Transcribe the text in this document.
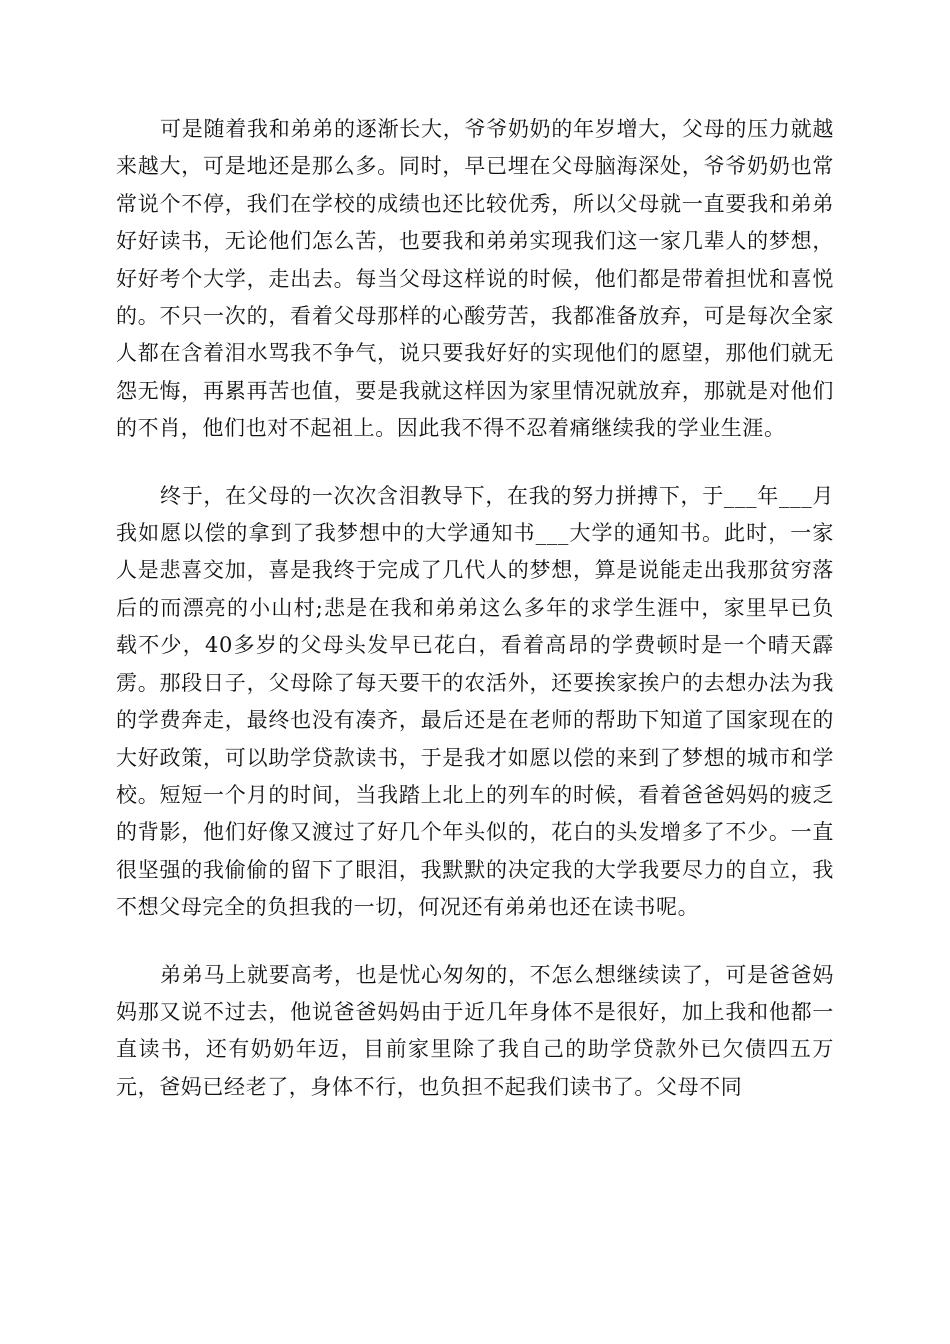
可是随着我和弟弟的逐渐长大，爷爷奶奶的年岁增大，父母的压力就越来越大，可是地还是那么多。同时，早已埋在父母脑海深处，爷爷奶奶也常常说个不停，我们在学校的成绩也还比较优秀，所以父母就一直要我和弟弟好好读书，无论他们怎么苦，也要我和弟弟实现我们这一家几辈人的梦想，好好考个大学，走出去。每当父母这样说的时候，他们都是带着担忧和喜悦的。不只一次的，看着父母那样的心酸劳苦，我都准备放弃，可是每次全家人都在含着泪水骂我不争气，说只要我好好的实现他们的愿望，那他们就无怨无悔，再累再苦也值，要是我就这样因为家里情况就放弃，那就是对他们的不肖，他们也对不起祖上。因此我不得不忍着痛继续我的学业生涯。

终于，在父母的一次次含泪教导下，在我的努力拼搏下，于___年___月我如愿以偿的拿到了我梦想中的大学通知书___大学的通知书。此时，一家人是悲喜交加，喜是我终于完成了几代人的梦想，算是说能走出我那贫穷落后的而漂亮的小山村;悲是在我和弟弟这么多年的求学生涯中，家里早已负载不少，40多岁的父母头发早已花白，看着高昂的学费顿时是一个晴天霹雳。那段日子，父母除了每天要干的农活外，还要挨家挨户的去想办法为我的学费奔走，最终也没有凑齐，最后还是在老师的帮助下知道了国家现在的大好政策，可以助学贷款读书，于是我才如愿以偿的来到了梦想的城市和学校。短短一个月的时间，当我踏上北上的列车的时候，看着爸爸妈妈的疲乏的背影，他们好像又渡过了好几个年头似的，花白的头发增多了不少。一直很坚强的我偷偷的留下了眼泪，我默默的决定我的大学我要尽力的自立，我不想父母完全的负担我的一切，何况还有弟弟也还在读书呢。

弟弟马上就要高考，也是忧心匆匆的，不怎么想继续读了，可是爸爸妈妈那又说不过去，他说爸爸妈妈由于近几年身体不是很好，加上我和他都一直读书，还有奶奶年迈，目前家里除了我自己的助学贷款外已欠债四五万元，爸妈已经老了，身体不行，也负担不起我们读书了。父母不同
